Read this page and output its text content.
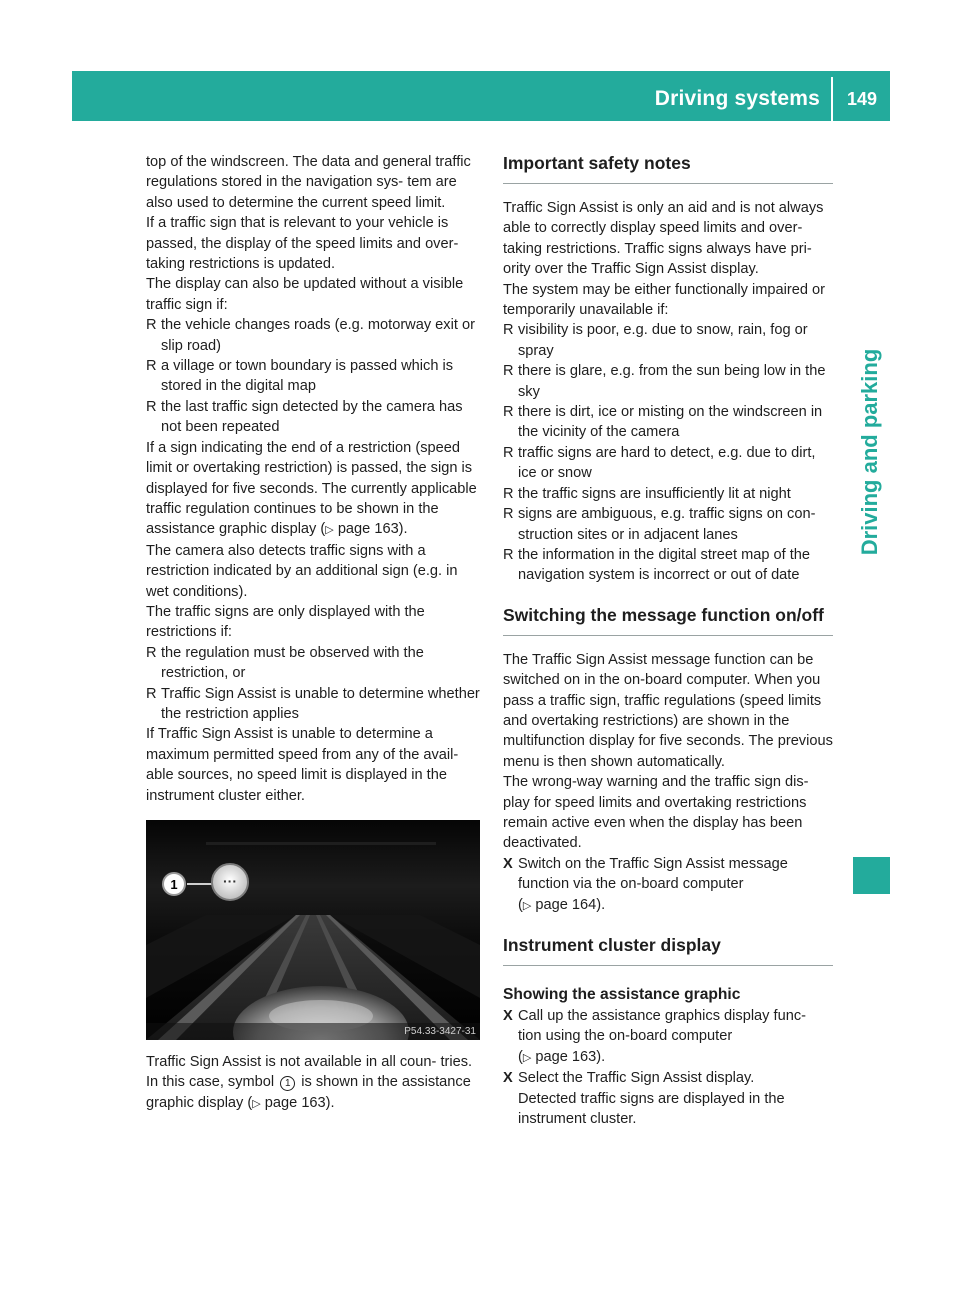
Driving systems	149
Driving and parking

top of the windscreen. The data and general traffic regulations stored in the navigation sys- tem are also used to determine the current speed limit.

If a traffic sign that is relevant to your vehicle is passed, the display of the speed limits and over- taking restrictions is updated.

The display can also be updated without a visible traffic sign if:

R the vehicle changes roads (e.g. motorway exit or slip road)
R a village or town boundary is passed which is stored in the digital map
R the last traffic sign detected by the camera has not been repeated

If a sign indicating the end of a restriction (speed limit or overtaking restriction) is passed, the sign is displayed for five seconds. The currently applicable traffic regulation continues to be shown in the assistance graphic display (▷ page 163).

The camera also detects traffic signs with a restriction indicated by an additional sign (e.g. in wet conditions).

The traffic signs are only displayed with the restrictions if:

R the regulation must be observed with the restriction, or
R Traffic Sign Assist is unable to determine whether the restriction applies

If Traffic Sign Assist is unable to determine a maximum permitted speed from any of the avail- able sources, no speed limit is displayed in the instrument cluster either.

1	···
P54.33-3427-31

Traffic Sign Assist is not available in all coun- tries. In this case, symbol 1 is shown in the assistance graphic display (▷ page 163).

Important safety notes

Traffic Sign Assist is only an aid and is not always able to correctly display speed limits and over- taking restrictions. Traffic signs always have pri- ority over the Traffic Sign Assist display.

The system may be either functionally impaired or temporarily unavailable if:

R visibility is poor, e.g. due to snow, rain, fog or spray
R there is glare, e.g. from the sun being low in the sky
R there is dirt, ice or misting on the windscreen in the vicinity of the camera
R traffic signs are hard to detect, e.g. due to dirt, ice or snow
R the traffic signs are insufficiently lit at night
R signs are ambiguous, e.g. traffic signs on con- struction sites or in adjacent lanes
R the information in the digital street map of the navigation system is incorrect or out of date
Switching the message function on/off

The Traffic Sign Assist message function can be switched on in the on-board computer. When you pass a traffic sign, traffic regulations (speed limits and overtaking restrictions) are shown in the multifunction display for five seconds. The previous menu is then shown automatically.

The wrong-way warning and the traffic sign dis- play for speed limits and overtaking restrictions remain active even when the display has been deactivated.

X Switch on the Traffic Sign Assist message function via the on-board computer
(▷ page 164).
Instrument cluster display
Showing the assistance graphic
X Call up the assistance graphics display func- tion using the on-board computer
(▷ page 163).
X Select the Traffic Sign Assist display.
Detected traffic signs are displayed in the instrument cluster.
